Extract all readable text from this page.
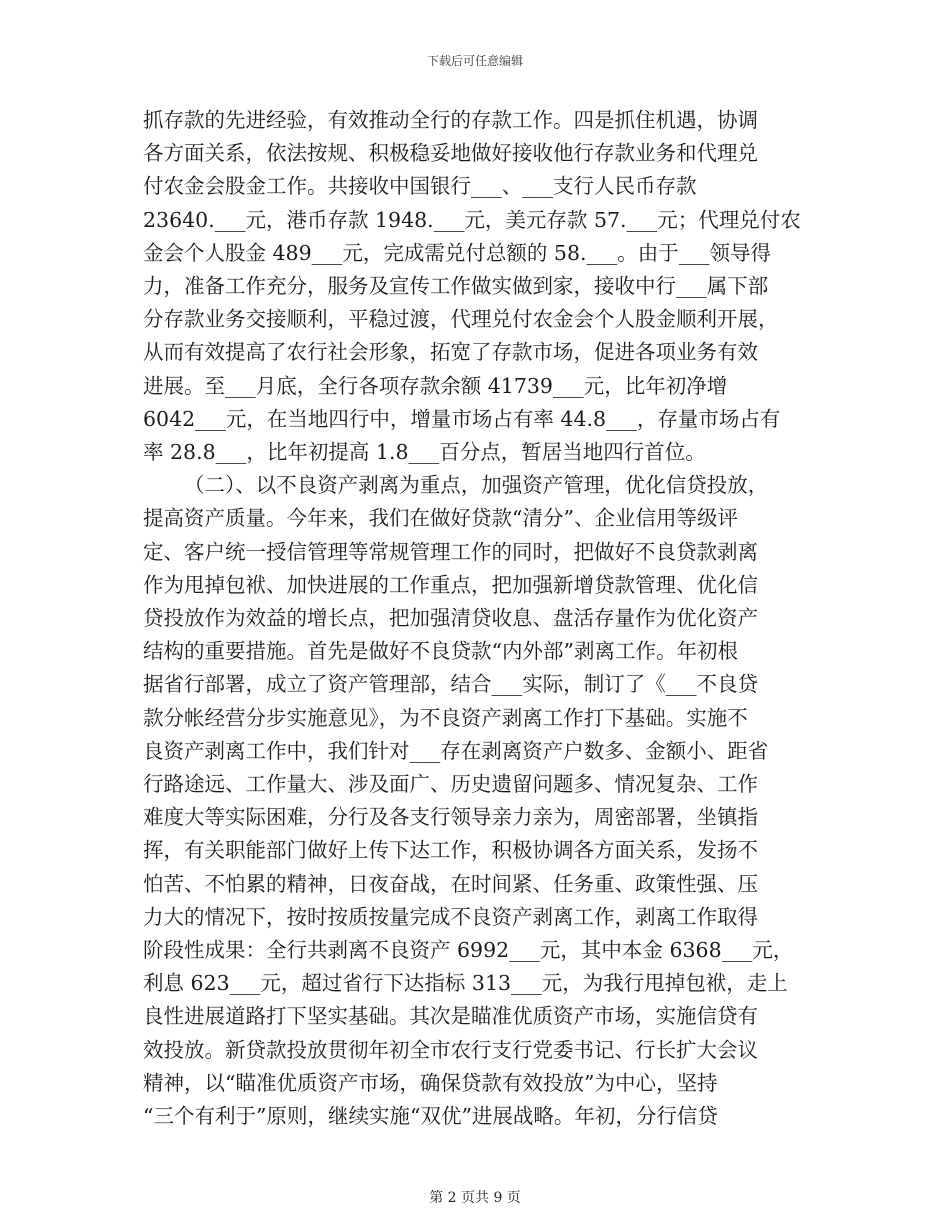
下载后可任意编辑
抓存款的先进经验，有效推动全行的存款工作。四是抓住机遇，协调
各方面关系，依法按规、积极稳妥地做好接收他行存款业务和代理兑
付农金会股金工作。共接收中国银行___、___支行人民币存款
23640.___元，港币存款 1948.___元，美元存款 57.___元；代理兑付农
金会个人股金 489___元，完成需兑付总额的 58.___。由于___领导得
力，准备工作充分，服务及宣传工作做实做到家，接收中行___属下部
分存款业务交接顺利，平稳过渡，代理兑付农金会个人股金顺利开展，
从而有效提高了农行社会形象，拓宽了存款市场，促进各项业务有效
进展。至___月底，全行各项存款余额 41739___元，比年初净增
6042___元，在当地四行中，增量市场占有率 44.8___，存量市场占有
率 28.8___，比年初提高 1.8___百分点，暂居当地四行首位。
（二）、以不良资产剥离为重点，加强资产管理，优化信贷投放，
提高资产质量。今年来，我们在做好贷款“清分”、企业信用等级评
定、客户统一授信管理等常规管理工作的同时，把做好不良贷款剥离
作为甩掉包袱、加快进展的工作重点，把加强新增贷款管理、优化信
贷投放作为效益的增长点，把加强清贷收息、盘活存量作为优化资产
结构的重要措施。首先是做好不良贷款“内外部”剥离工作。年初根
据省行部署，成立了资产管理部，结合___实际，制订了《___不良贷
款分帐经营分步实施意见》，为不良资产剥离工作打下基础。实施不
良资产剥离工作中，我们针对___存在剥离资产户数多、金额小、距省
行路途远、工作量大、涉及面广、历史遗留问题多、情况复杂、工作
难度大等实际困难，分行及各支行领导亲力亲为，周密部署，坐镇指
挥，有关职能部门做好上传下达工作，积极协调各方面关系，发扬不
怕苦、不怕累的精神，日夜奋战，在时间紧、任务重、政策性强、压
力大的情况下，按时按质按量完成不良资产剥离工作，剥离工作取得
阶段性成果：全行共剥离不良资产 6992___元，其中本金 6368___元，
利息 623___元，超过省行下达指标 313___元，为我行甩掉包袱，走上
良性进展道路打下坚实基础。其次是瞄准优质资产市场，实施信贷有
效投放。新贷款投放贯彻年初全市农行支行党委书记、行长扩大会议
精神，以“瞄准优质资产市场，确保贷款有效投放”为中心，坚持
“三个有利于”原则，继续实施“双优”进展战略。年初，分行信贷
第 2 页共 9 页
